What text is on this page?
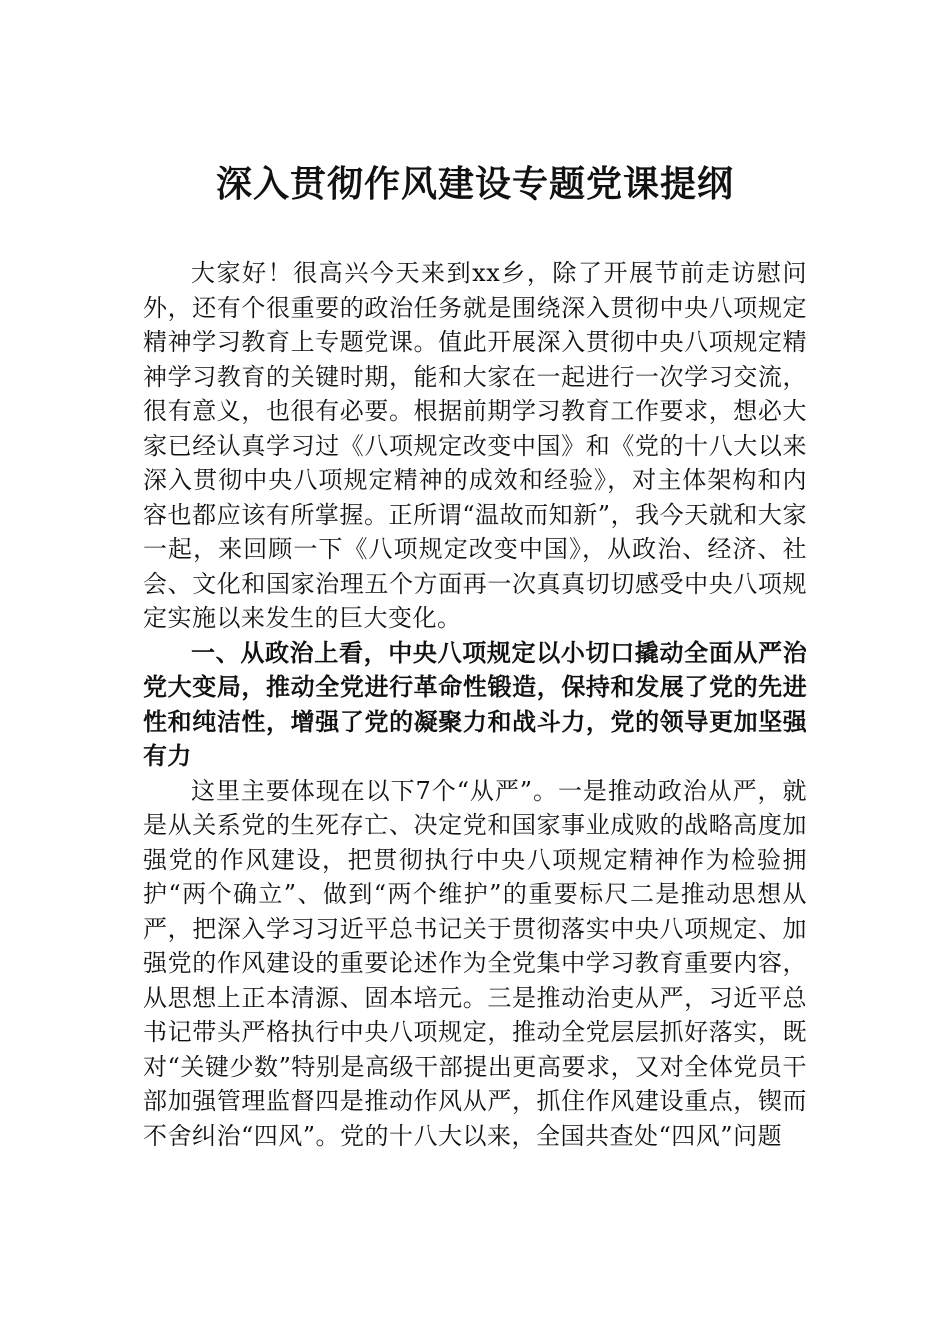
深入贯彻作风建设专题党课提纲

大家好！很高兴今天来到xx乡，除了开展节前走访慰问外，还有个很重要的政治任务就是围绕深入贯彻中央八项规定精神学习教育上专题党课。值此开展深入贯彻中央八项规定精神学习教育的关键时期，能和大家在一起进行一次学习交流，很有意义，也很有必要。根据前期学习教育工作要求，想必大家已经认真学习过《八项规定改变中国》和《党的十八大以来深入贯彻中央八项规定精神的成效和经验》，对主体架构和内容也都应该有所掌握。正所谓“温故而知新”，我今天就和大家一起，来回顾一下《八项规定改变中国》，从政治、经济、社会、文化和国家治理五个方面再一次真真切切感受中央八项规定实施以来发生的巨大变化。

一、从政治上看，中央八项规定以小切口撬动全面从严治党大变局，推动全党进行革命性锻造，保持和发展了党的先进性和纯洁性，增强了党的凝聚力和战斗力，党的领导更加坚强有力

这里主要体现在以下7个“从严”。一是推动政治从严，就是从关系党的生死存亡、决定党和国家事业成败的战略高度加强党的作风建设，把贯彻执行中央八项规定精神作为检验拥护“两个确立”、做到“两个维护”的重要标尺二是推动思想从严，把深入学习习近平总书记关于贯彻落实中央八项规定、加强党的作风建设的重要论述作为全党集中学习教育重要内容，从思想上正本清源、固本培元。三是推动治吏从严，习近平总书记带头严格执行中央八项规定，推动全党层层抓好落实，既对“关键少数”特别是高级干部提出更高要求，又对全体党员干部加强管理监督四是推动作风从严，抓住作风建设重点，锲而不舍纠治“四风”。党的十八大以来，全国共查处“四风”问题
